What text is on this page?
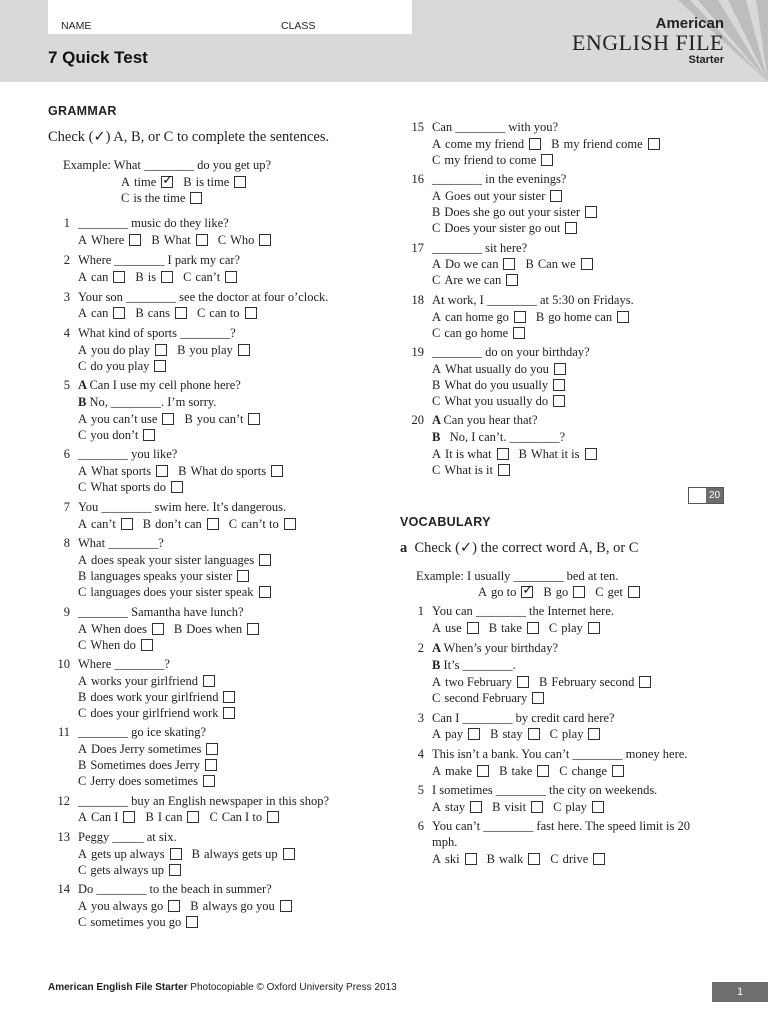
NAME	CLASS
7 Quick Test
American
ENGLISH FILE
Starter
GRAMMAR
Check (✓) A, B, or C to complete the sentences.
Example: What ________ do you get up?
A time ✓ B is time
C is the time
1 ________ music do they like?
A Where B What C Who
2 Where ________ I park my car?
A can B is C can’t
3 Your son ________ see the doctor at four o’clock.
A can B cans C can to
4 What kind of sports ________?
A you do play B you play
C do you play
5 A Can I use my cell phone here?
B No, ________. I’m sorry.
A you can’t use B you can’t
C you don’t
6 ________ you like?
A What sports B What do sports
C What sports do
7 You ________ swim here. It’s dangerous.
A can’t B don’t can C can’t to
8 What ________?
A does speak your sister languages
B languages speaks your sister
C languages does your sister speak
9 ________ Samantha have lunch?
A When does B Does when
C When do
10 Where ________?
A works your girlfriend
B does work your girlfriend
C does your girlfriend work
11 ________ go ice skating?
A Does Jerry sometimes
B Sometimes does Jerry
C Jerry does sometimes
12 ________ buy an English newspaper in this shop?
A Can I B I can C Can I to
13 Peggy _____ at six.
A gets up always B always gets up
C gets always up
14 Do ________ to the beach in summer?
A you always go B always go you
C sometimes you go
15 Can ________ with you?
A come my friend B my friend come
C my friend to come
16 ________ in the evenings?
A Goes out your sister
B Does she go out your sister
C Does your sister go out
17 ________ sit here?
A Do we can B Can we
C Are we can
18 At work, I ________ at 5:30 on Fridays.
A can home go B go home can
C can go home
19 ________ do on your birthday?
A What usually do you
B What do you usually
C What you usually do
20 A Can you hear that?
B   No, I can’t. ________?
A It is what B What it is
C What is it
20
VOCABULARY
a Check (✓) the correct word A, B, or C
Example: I usually ________ bed at ten.
A go to ✓ B go C get
1 You can ________ the Internet here.
A use B take C play
2 A When’s your birthday?
B It’s ________.
A two February B February second
C second February
3 Can I ________ by credit card here?
A pay B stay C play
4 This isn’t a bank. You can’t ________ money here.
A make B take C change
5 I sometimes ________ the city on weekends.
A stay B visit C play
6 You can’t ________ fast here. The speed limit is 20
mph.
A ski B walk C drive
American English File Starter Photocopiable © Oxford University Press 2013	1
